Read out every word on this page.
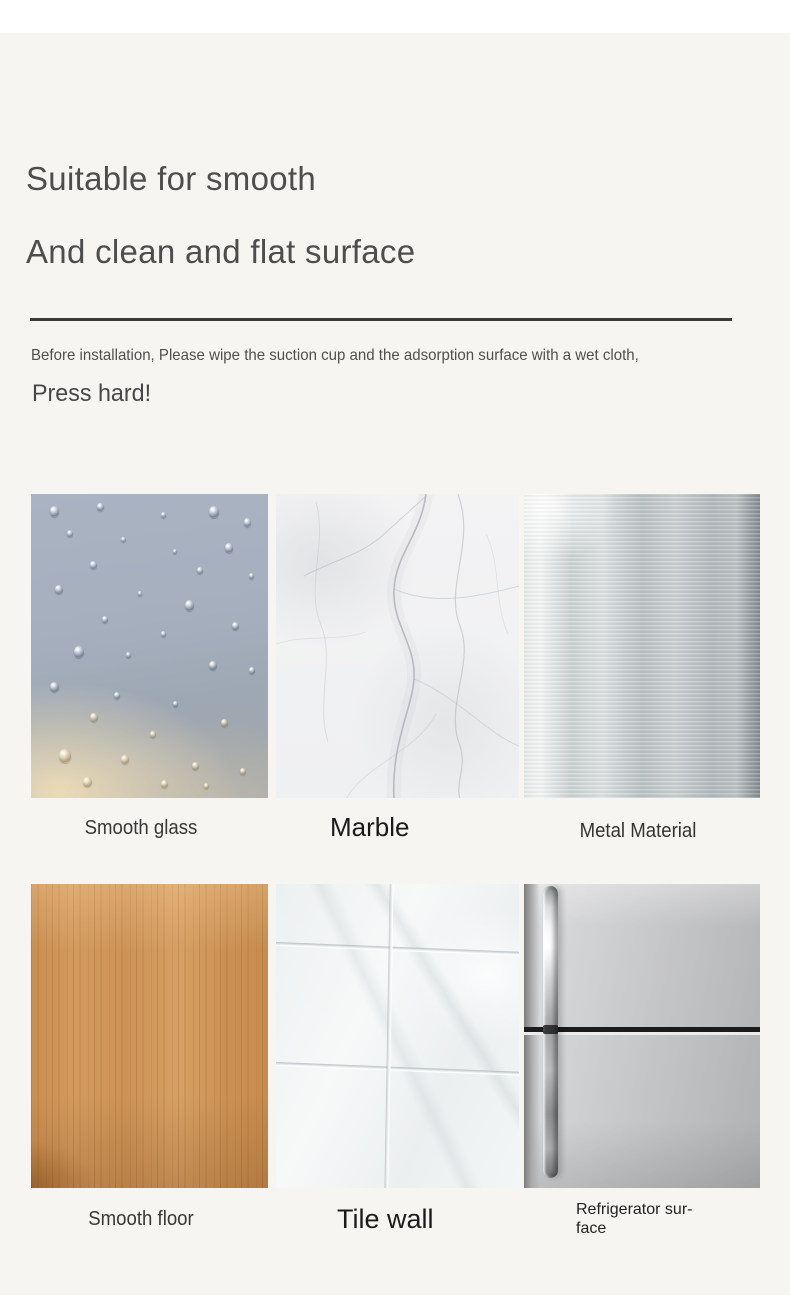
Suitable for smooth
And clean and flat surface
Before installation, Please wipe the suction cup and the adsorption surface with a wet cloth,
Press hard!
Smooth glass	Marble	Metal Material
Smooth floor	Tile wall	Refrigerator sur-face
